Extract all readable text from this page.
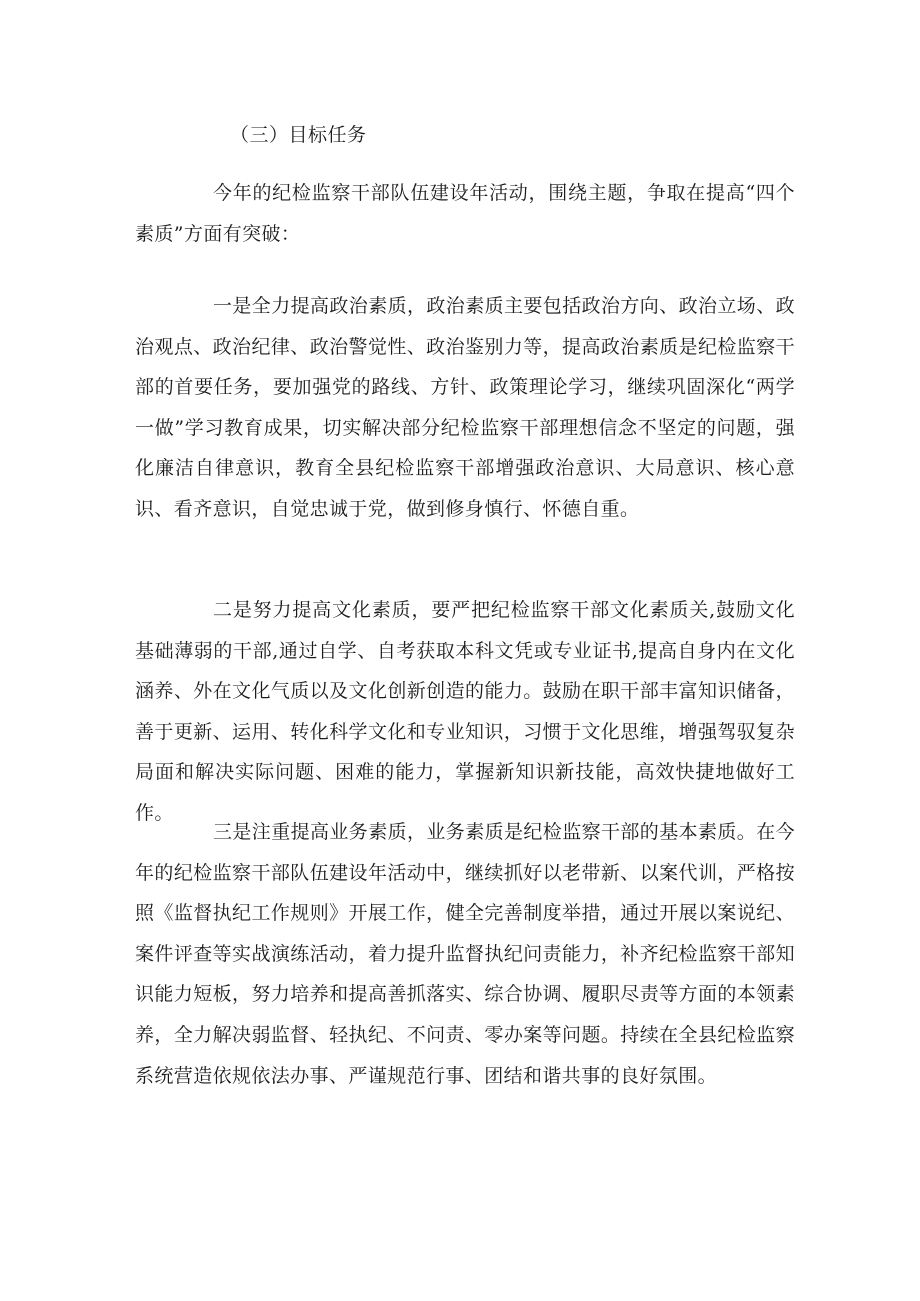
（三）目标任务

今年的纪检监察干部队伍建设年活动，围绕主题，争取在提高“四个素质”方面有突破：

一是全力提高政治素质，政治素质主要包括政治方向、政治立场、政治观点、政治纪律、政治警觉性、政治鉴别力等，提高政治素质是纪检监察干部的首要任务，要加强党的路线、方针、政策理论学习，继续巩固深化“两学一做”学习教育成果，切实解决部分纪检监察干部理想信念不坚定的问题，强化廉洁自律意识，教育全县纪检监察干部增强政治意识、大局意识、核心意识、看齐意识，自觉忠诚于党，做到修身慎行、怀德自重。

二是努力提高文化素质，要严把纪检监察干部文化素质关,鼓励文化基础薄弱的干部,通过自学、自考获取本科文凭或专业证书,提高自身内在文化涵养、外在文化气质以及文化创新创造的能力。鼓励在职干部丰富知识储备，善于更新、运用、转化科学文化和专业知识，习惯于文化思维，增强驾驭复杂局面和解决实际问题、困难的能力，掌握新知识新技能，高效快捷地做好工作。

三是注重提高业务素质，业务素质是纪检监察干部的基本素质。在今年的纪检监察干部队伍建设年活动中，继续抓好以老带新、以案代训，严格按照《监督执纪工作规则》开展工作，健全完善制度举措，通过开展以案说纪、案件评查等实战演练活动，着力提升监督执纪问责能力，补齐纪检监察干部知识能力短板，努力培养和提高善抓落实、综合协调、履职尽责等方面的本领素养，全力解决弱监督、轻执纪、不问责、零办案等问题。持续在全县纪检监察系统营造依规依法办事、严谨规范行事、团结和谐共事的良好氛围。
